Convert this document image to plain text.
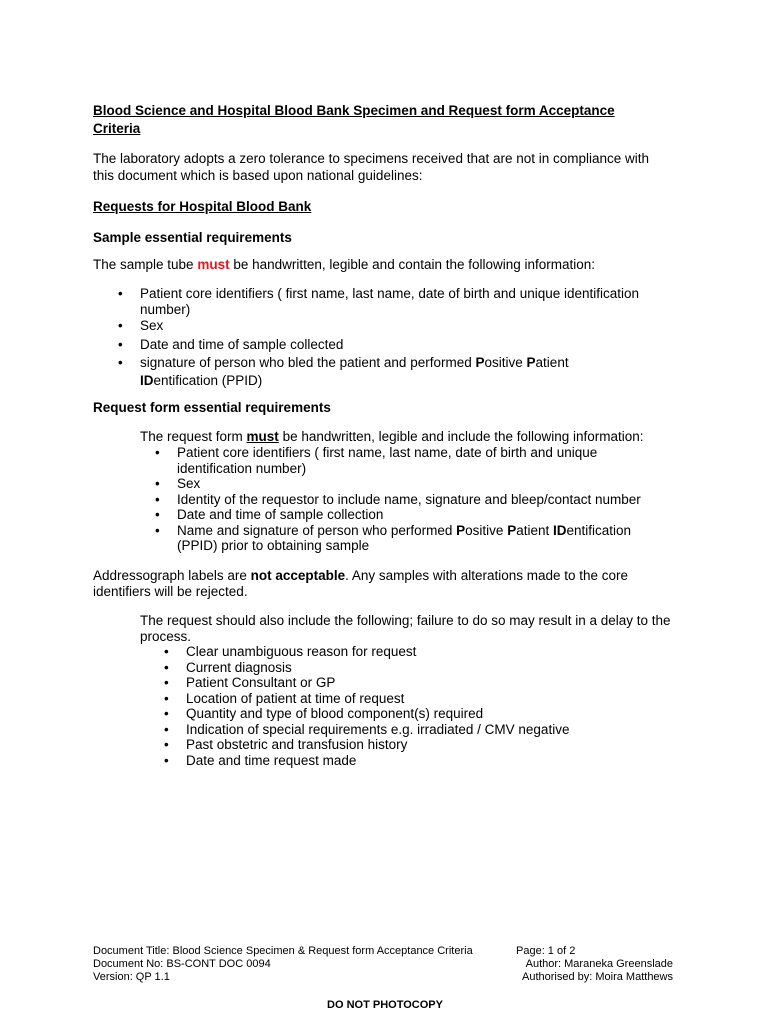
Blood Science and Hospital Blood Bank Specimen and Request form Acceptance
Criteria
The laboratory adopts a zero tolerance to specimens received that are not in compliance with this document which is based upon national guidelines:
Requests for Hospital Blood Bank
Sample essential requirements
The sample tube must be handwritten, legible and contain the following information:
• Patient core identifiers ( first name, last name, date of birth and unique identification number)
• Sex
• Date and time of sample collected
• signature of person who bled the patient and performed Positive Patient IDentification (PPID)
Request form essential requirements
The request form must be handwritten, legible and include the following information:
• Patient core identifiers ( first name, last name, date of birth and unique identification number)
• Sex
• Identity of the requestor to include name, signature and bleep/contact number
• Date and time of sample collection
• Name and signature of person who performed Positive Patient IDentification (PPID) prior to obtaining sample
Addressograph labels are not acceptable. Any samples with alterations made to the core identifiers will be rejected.
The request should also include the following; failure to do so may result in a delay to the process.
• Clear unambiguous reason for request
• Current diagnosis
• Patient Consultant or GP
• Location of patient at time of request
• Quantity and type of blood component(s) required
• Indication of special requirements e.g. irradiated / CMV negative
• Past obstetric and transfusion history
• Date and time request made
Document Title: Blood Science Specimen & Request form Acceptance Criteria	Page: 1 of 2
Document No: BS-CONT DOC 0094	Author: Maraneka Greenslade
Version: QP 1.1	Authorised by: Moira Matthews
DO NOT PHOTOCOPY
